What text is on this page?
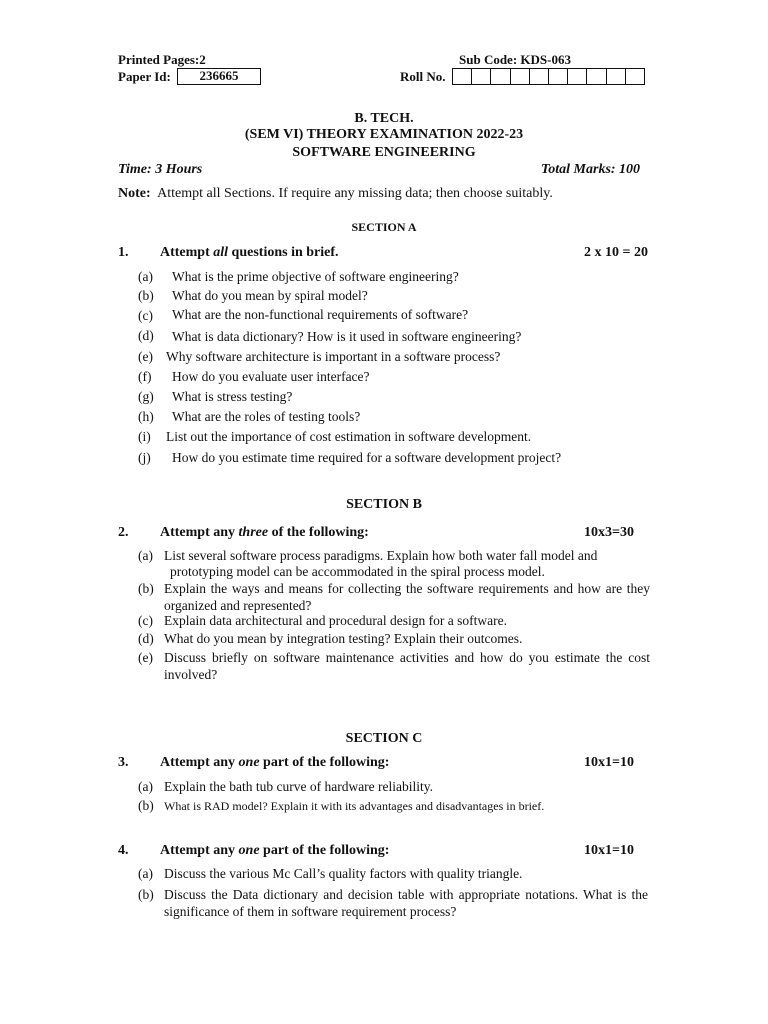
Printed Pages:2	Sub Code: KDS-063
Paper Id:	236665	Roll No.
B. TECH.
(SEM VI) THEORY EXAMINATION 2022-23
SOFTWARE ENGINEERING
Time: 3 Hours	Total Marks: 100
Note: Attempt all Sections. If require any missing data; then choose suitably.
SECTION A
1. Attempt all questions in brief.	2 x 10 = 20
(a) What is the prime objective of software engineering?
(b) What do you mean by spiral model?
(c) What are the non-functional requirements of software?
(d) What is data dictionary? How is it used in software engineering?
(e) Why software architecture is important in a software process?
(f) How do you evaluate user interface?
(g) What is stress testing?
(h) What are the roles of testing tools?
(i) List out the importance of cost estimation in software development.
(j) How do you estimate time required for a software development project?
SECTION B
2. Attempt any three of the following:	10x3=30
(a) List several software process paradigms. Explain how both water fall model and
prototyping model can be accommodated in the spiral process model.
(b) Explain the ways and means for collecting the software requirements and how are they organized and represented?
(c) Explain data architectural and procedural design for a software.
(d) What do you mean by integration testing? Explain their outcomes.
(e) Discuss briefly on software maintenance activities and how do you estimate the cost involved?
SECTION C
3. Attempt any one part of the following:	10x1=10
(a) Explain the bath tub curve of hardware reliability.
(b) What is RAD model? Explain it with its advantages and disadvantages in brief.
4. Attempt any one part of the following:	10x1=10
(a) Discuss the various Mc Call’s quality factors with quality triangle.
(b) Discuss the Data dictionary and decision table with appropriate notations. What is the significance of them in software requirement process?
